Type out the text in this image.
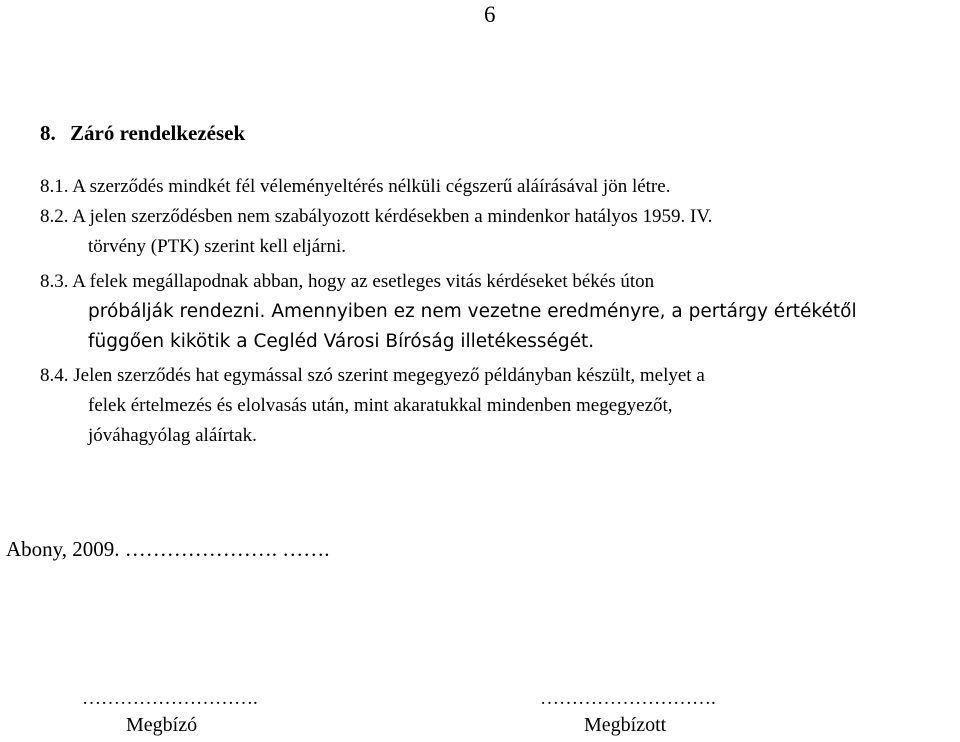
6
8. Záró rendelkezések
8.1. A szerződés mindkét fél véleményeltérés nélküli cégszerű aláírásával jön létre.
8.2. A jelen szerződésben nem szabályozott kérdésekben a mindenkor hatályos 1959. IV.
törvény (PTK) szerint kell eljárni.
8.3. A felek megállapodnak abban, hogy az esetleges vitás kérdéseket békés úton
próbálják rendezni. Amennyiben ez nem vezetne eredményre, a pertárgy értékétől
függően kikötik a Cegléd Városi Bíróság illetékességét.
8.4. Jelen szerződés hat egymással szó szerint megegyező példányban készült, melyet a
felek értelmezés és elolvasás után, mint akaratukkal mindenben megegyezőt,
jóváhagyólag aláírtak.
Abony, 2009. …………………. …….
……………………….
Megbízó
……………………….
Megbízott
